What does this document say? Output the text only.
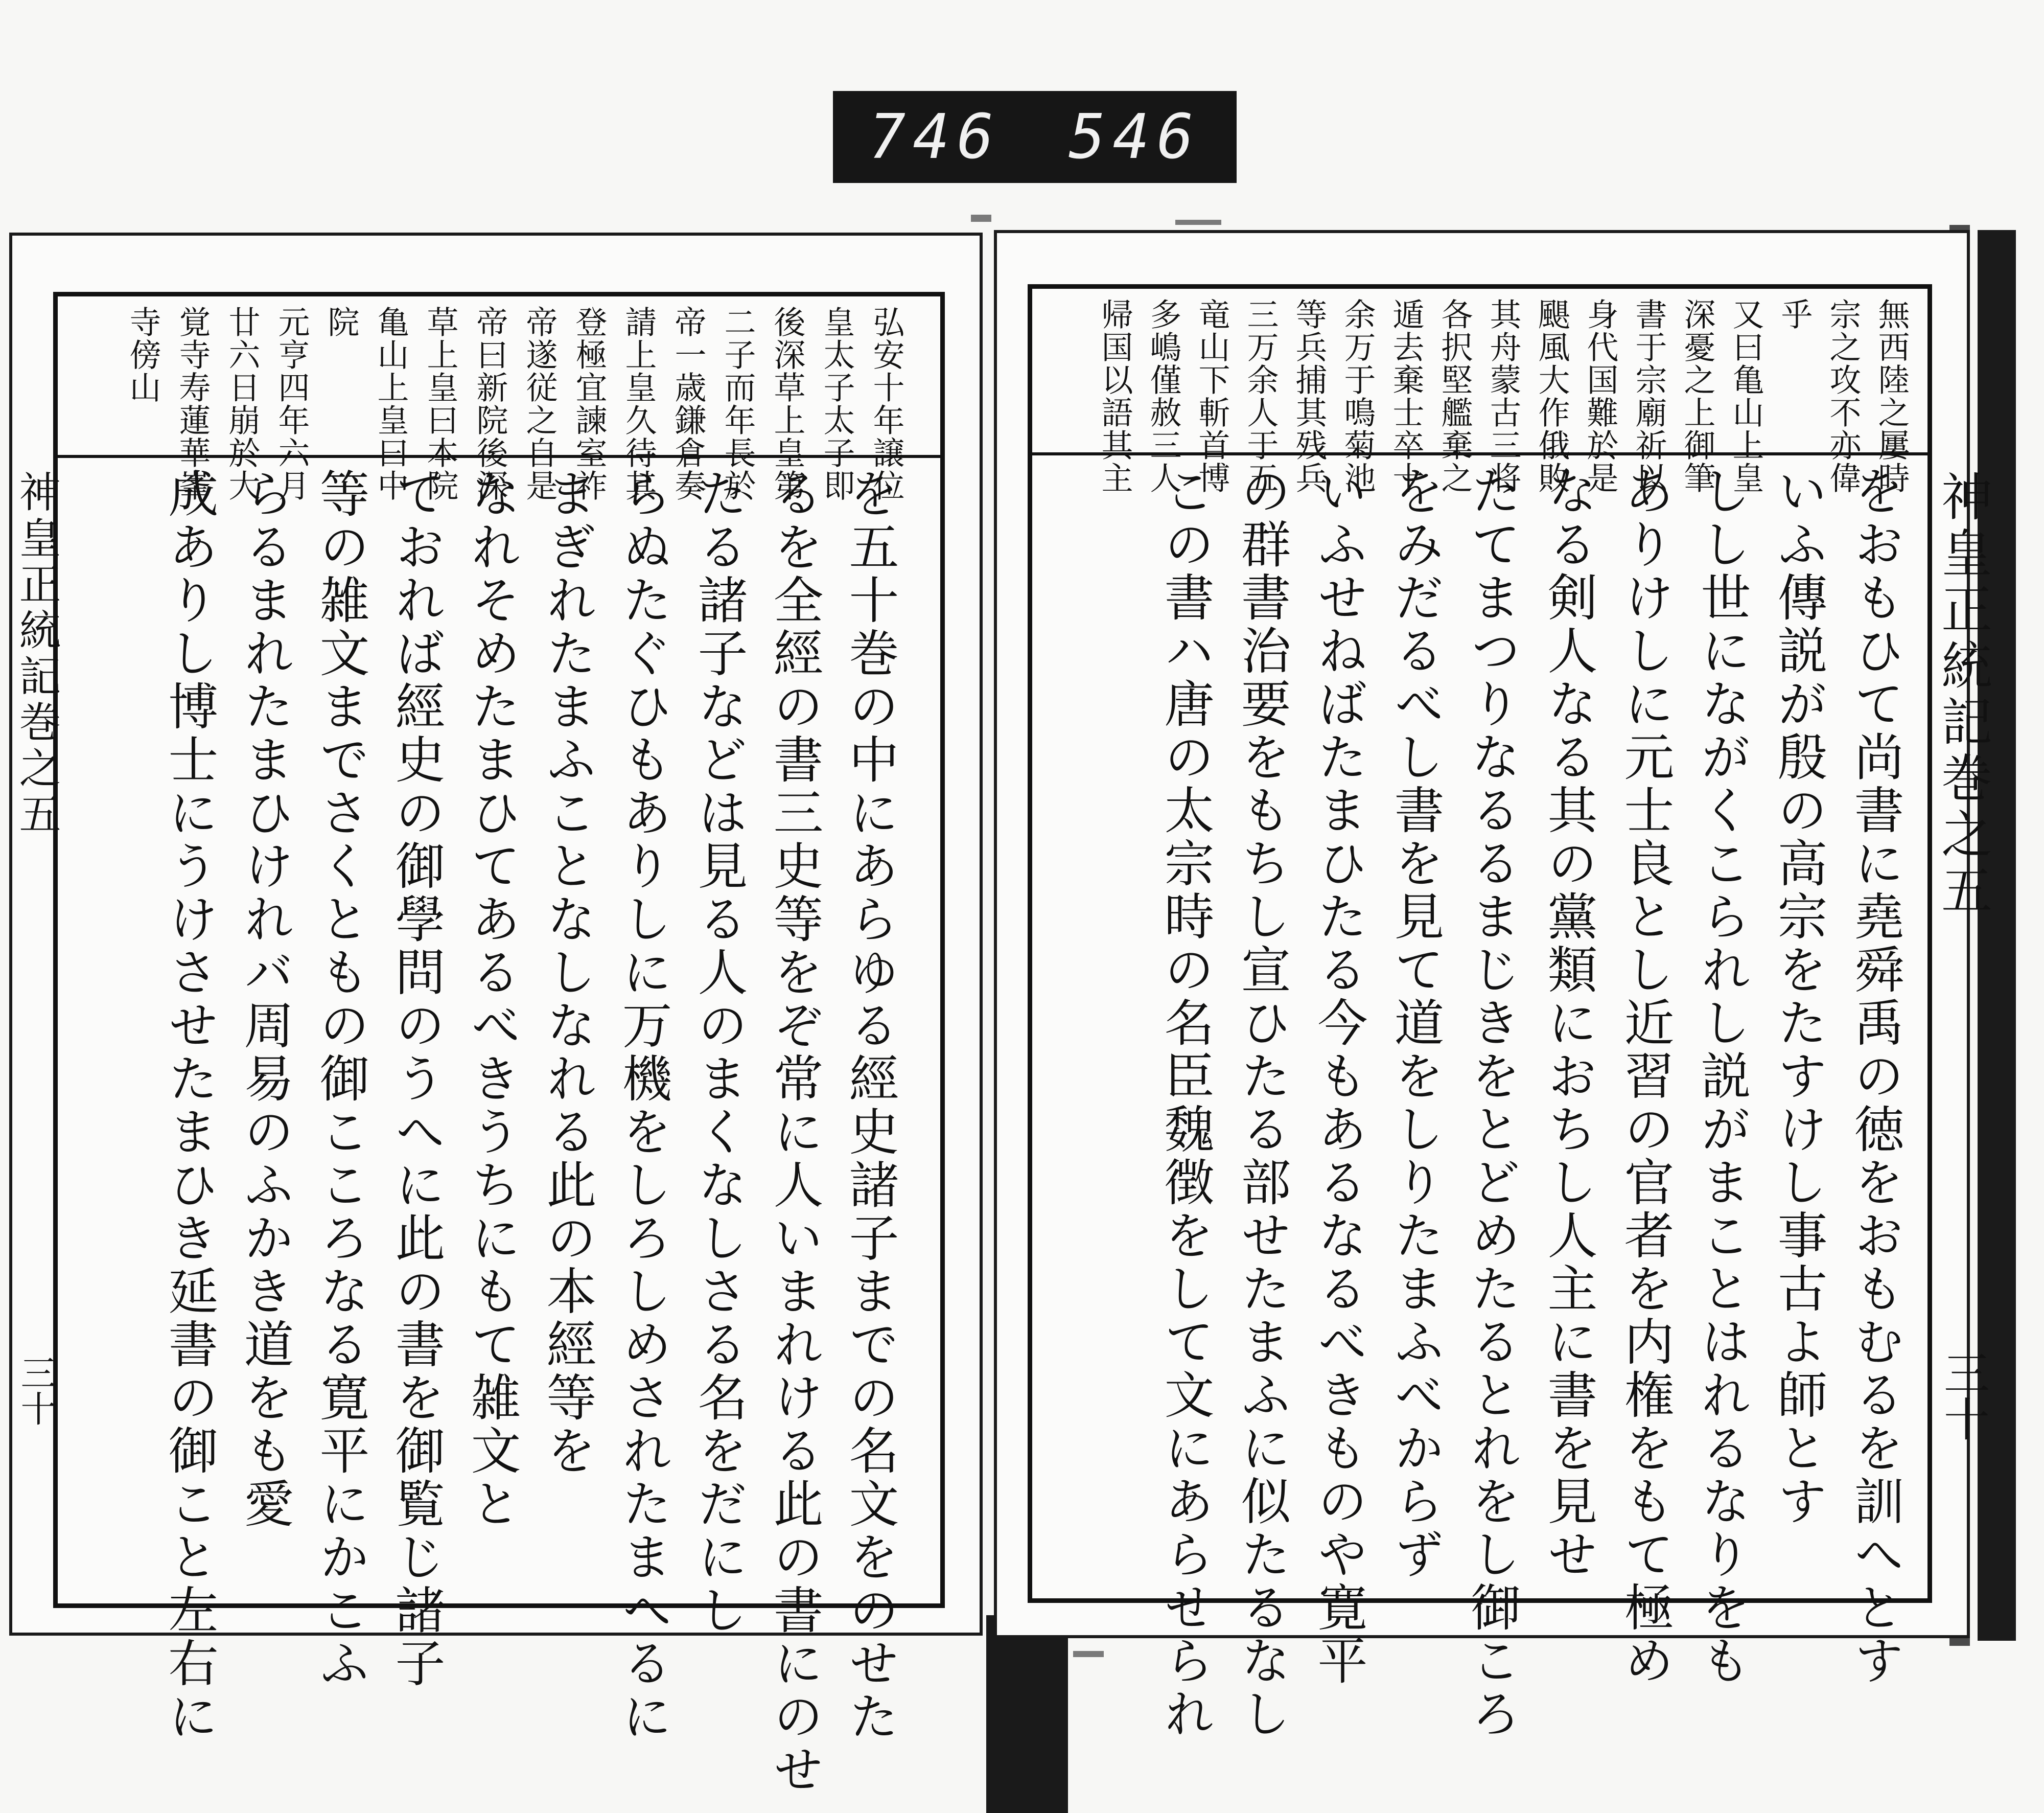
746 546
弘安十年譲位
皇太子太子即
後深草上皇第
二子而年長於
帝一歳鎌倉奏
請上皇久待其
登極宜諫室祚
帝遂従之自是
帝曰新院後深
草上皇曰本院
亀山上皇曰中
院
元亨四年六月
廿六日崩於大
覚寺寿蓮華峯
寺傍山
を五十巻の中にあらゆる經史諸子までの名文をのせた
るを全經の書三史等をぞ常に人いまれける此の書にのせ
たる諸子などは見る人のまくなしさる名をだにし
らぬたぐひもありしに万機をしろしめされたまへるに
まぎれたまふことなしなれる此の本經等を
なれそめたまひてあるべきうちにもて雑文と
ておれば經史の御學問のうへに此の書を御覧じ諸子
等の雑文までさくともの御こころなる寛平にかこふ
らるまれたまひけれバ周易のふかき道をも愛
成ありし博士にうけさせたまひき延書の御こと左右に
神皇正統記巻之五
三十
無西陸之屢時
宗之攻不亦偉
乎
又曰亀山上皇
深憂之上御筆
書于宗廟祈以
身代国難於是
颶風大作俄敗
其舟蒙古三将
各択堅艦棄之
遁去棄士卒十
余万于鳴菊池
等兵捕其残兵
三万余人于五
竜山下斬首博
多嶋僅赦三人
帰国以語其主
をおもひて尚書に堯舜禹の徳をおもむるを訓へとす
いふ傳説が殷の高宗をたすけし事古よ師とす
しし世にながくこられし説がまことはれるなりをも
ありけしに元士良とし近習の官者を内権をもて極め
なる剣人なる其の黨類におちし人主に書を見せ
たてまつりなるるまじきをとどめたるとれをし御ころ
をみだるべし書を見て道をしりたまふべからず
いふせねばたまひたる今もあるなるべきものや寛平
の群書治要をもちし宣ひたる部せたまふに似たるなし
この書ハ唐の太宗時の名臣魏徴をして文にあらせられ	神皇正統記巻之五
三十
